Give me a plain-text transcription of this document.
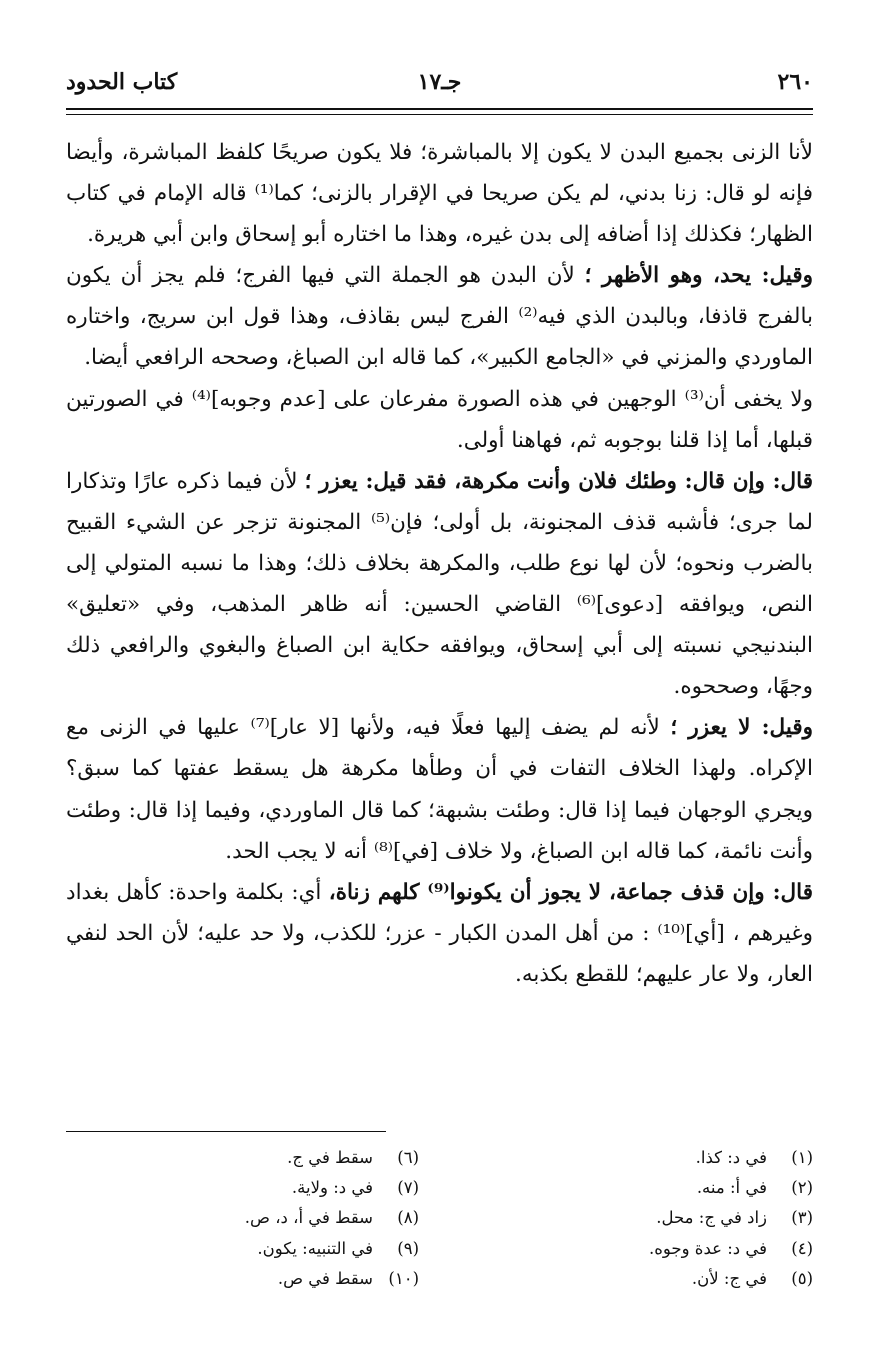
٢٦٠
جـ١٧
كتاب الحدود

لأنا الزنى بجميع البدن لا يكون إلا بالمباشرة؛ فلا يكون صريحًا كلفظ المباشرة، وأيضا فإنه لو قال: زنا بدني، لم يكن صريحا في الإقرار بالزنى؛ كما⁽¹⁾ قاله الإمام في كتاب الظهار؛ فكذلك إذا أضافه إلى بدن غيره، وهذا ما اختاره أبو إسحاق وابن أبي هريرة.

وقيل: يحد، وهو الأظهر ؛ لأن البدن هو الجملة التي فيها الفرج؛ فلم يجز أن يكون بالفرج قاذفا، وبالبدن الذي فيه⁽²⁾ الفرج ليس بقاذف، وهذا قول ابن سريج، واختاره الماوردي والمزني في «الجامع الكبير»، كما قاله ابن الصباغ، وصححه الرافعي أيضا.

ولا يخفى أن⁽³⁾ الوجهين في هذه الصورة مفرعان على [عدم وجوبه]⁽⁴⁾ في الصورتين قبلها، أما إذا قلنا بوجوبه ثم، فهاهنا أولى.

قال: وإن قال: وطئك فلان وأنت مكرهة، فقد قيل: يعزر ؛ لأن فيما ذكره عارًا وتذكارا لما جرى؛ فأشبه قذف المجنونة، بل أولى؛ فإن⁽⁵⁾ المجنونة تزجر عن الشيء القبيح بالضرب ونحوه؛ لأن لها نوع طلب، والمكرهة بخلاف ذلك؛ وهذا ما نسبه المتولي إلى النص، ويوافقه [دعوى]⁽⁶⁾ القاضي الحسين: أنه ظاهر المذهب، وفي «تعليق» البندنيجي نسبته إلى أبي إسحاق، ويوافقه حكاية ابن الصباغ والبغوي والرافعي ذلك وجهًا، وصححوه.

وقيل: لا يعزر ؛ لأنه لم يضف إليها فعلًا فيه، ولأنها [لا عار]⁽⁷⁾ عليها في الزنى مع الإكراه. ولهذا الخلاف التفات في أن وطأها مكرهة هل يسقط عفتها كما سبق؟ ويجري الوجهان فيما إذا قال: وطئت بشبهة؛ كما قال الماوردي، وفيما إذا قال: وطئت وأنت نائمة، كما قاله ابن الصباغ، ولا خلاف [في]⁽⁸⁾ أنه لا يجب الحد.

قال: وإن قذف جماعة، لا يجوز أن يكونوا⁽⁹⁾ كلهم زناة، أي: بكلمة واحدة: كأهل بغداد وغيرهم ، [أي]⁽¹⁰⁾ : من أهل المدن الكبار - عزر؛ للكذب، ولا حد عليه؛ لأن الحد لنفي العار، ولا عار عليهم؛ للقطع بكذبه.

(١)
في د: كذا.
(٢)
في أ: منه.
(٣)
زاد في ج: محل.
(٤)
في د: عدة وجوه.
(٥)
في ج: لأن.
(٦)
سقط في ج.
(٧)
في د: ولاية.
(٨)
سقط في أ، د، ص.
(٩)
في التنبيه: يكون.
(١٠)
سقط في ص.
